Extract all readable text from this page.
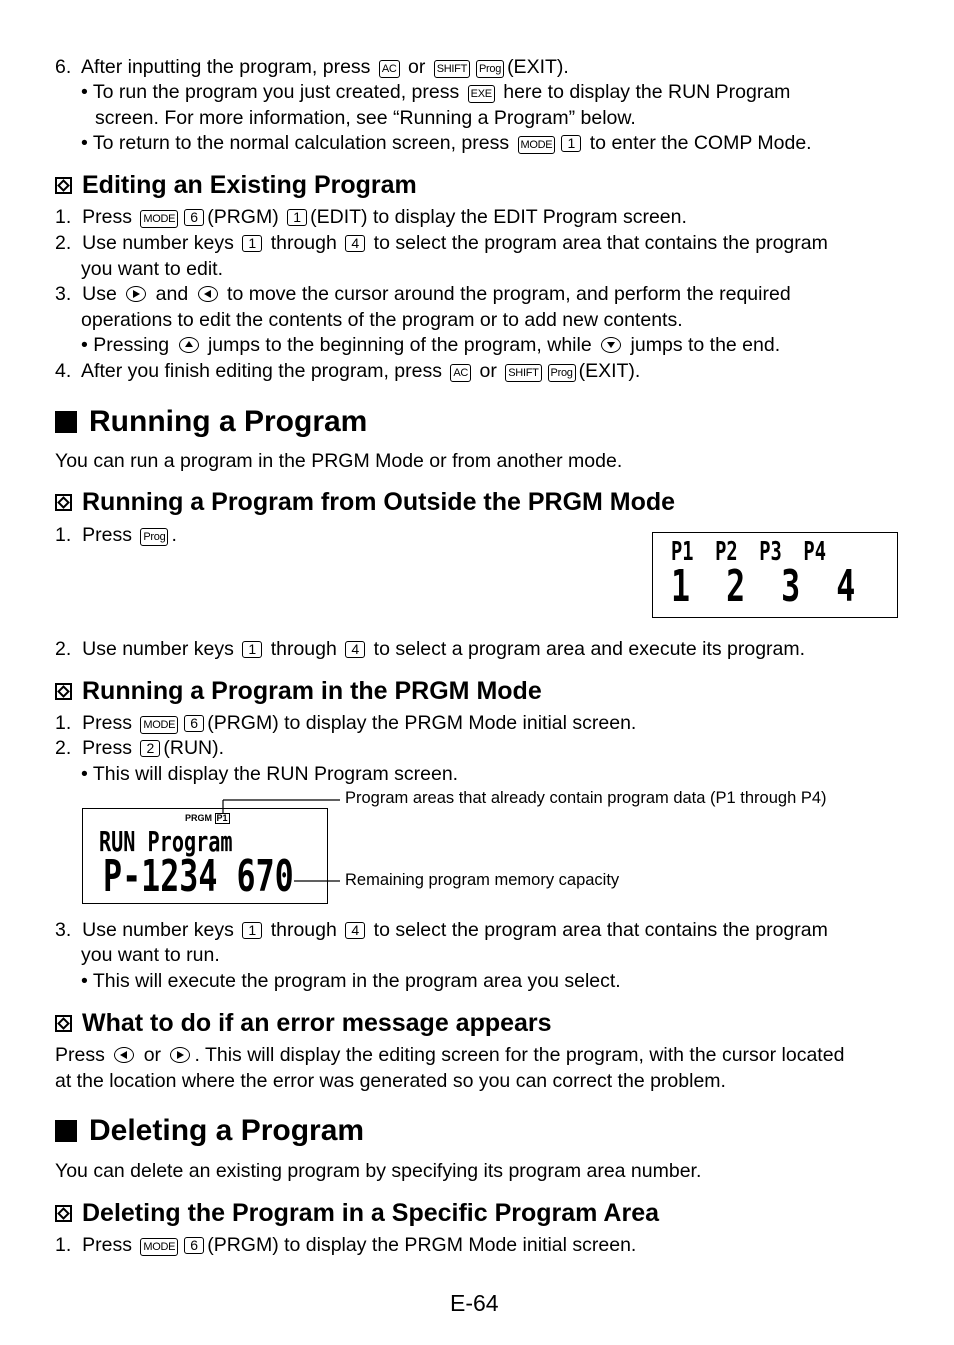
6. After inputting the program, press AC or SHIFT Prog (EXIT).
• To run the program you just created, press EXE here to display the RUN Program
screen. For more information, see “Running a Program” below.
• To return to the normal calculation screen, press MODE 1 to enter the COMP Mode.
Editing an Existing Program
1. Press MODE 6 (PRGM) 1 (EDIT) to display the EDIT Program screen.
2. Use number keys 1 through 4 to select the program area that contains the program
you want to edit.
3. Use and to move the cursor around the program, and perform the required
operations to edit the contents of the program or to add new contents.
• Pressing jumps to the beginning of the program, while jumps to the end.
4. After you finish editing the program, press AC or SHIFT Prog (EXIT).
Running a Program
You can run a program in the PRGM Mode or from another mode.
Running a Program from Outside the PRGM Mode
1. Press Prog .
P1 P2 P3 P4
1 2 3 4
2. Use number keys 1 through 4 to select a program area and execute its program.
Running a Program in the PRGM Mode
1. Press MODE 6 (PRGM) to display the PRGM Mode initial screen.
2. Press 2 (RUN).
• This will display the RUN Program screen.
PRGM P1
RUN Program
P-1234 670
Program areas that already contain program data (P1 through P4)
Remaining program memory capacity
3. Use number keys 1 through 4 to select the program area that contains the program
you want to run.
• This will execute the program in the program area you select.
What to do if an error message appears
Press or . This will display the editing screen for the program, with the cursor located
at the location where the error was generated so you can correct the problem.
Deleting a Program
You can delete an existing program by specifying its program area number.
Deleting the Program in a Specific Program Area
1. Press MODE 6 (PRGM) to display the PRGM Mode initial screen.
E-64
